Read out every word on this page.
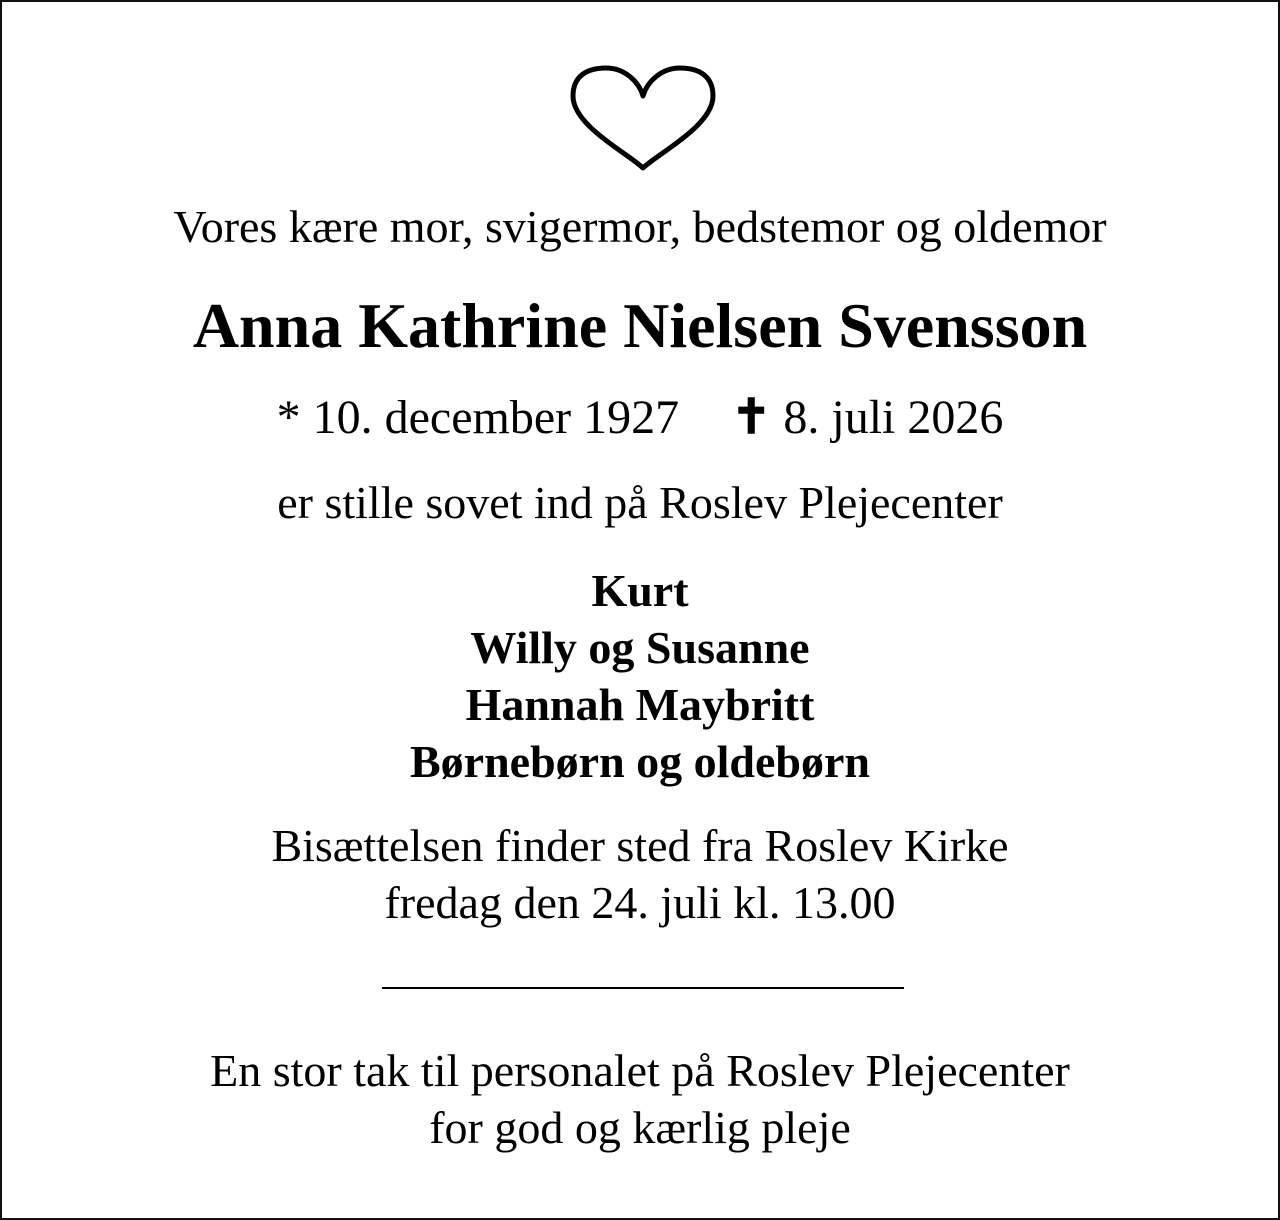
Vores kære mor, svigermor, bedstemor og oldemor
Anna Kathrine Nielsen Svensson
* 10. december 1927 ✝ 8. juli 2026
er stille sovet ind på Roslev Plejecenter
Kurt
Willy og Susanne
Hannah Maybritt
Børnebørn og oldebørn
Bisættelsen finder sted fra Roslev Kirke
fredag den 24. juli kl. 13.00
En stor tak til personalet på Roslev Plejecenter
for god og kærlig pleje
